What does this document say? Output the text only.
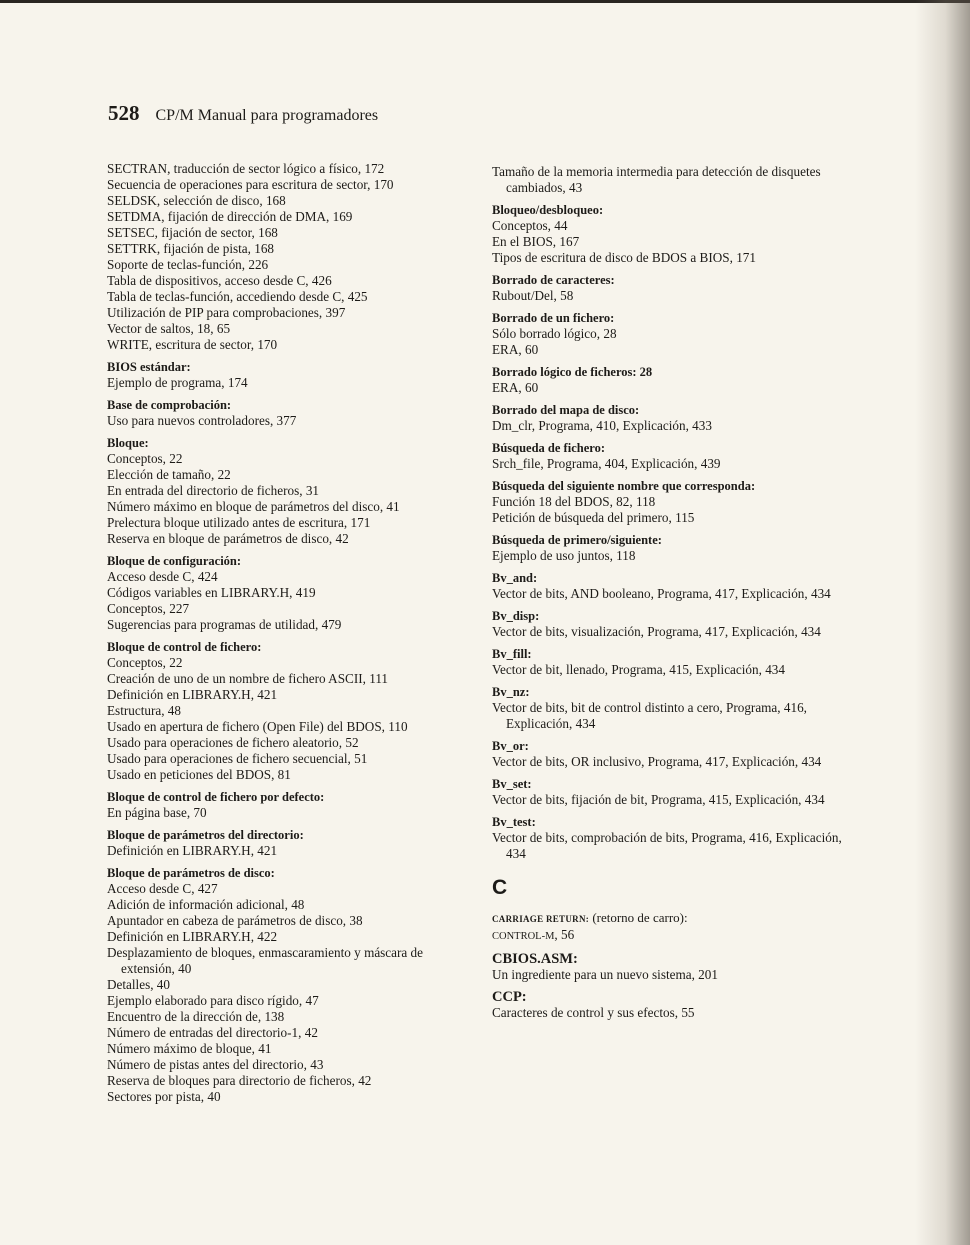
528 CP/M Manual para programadores
SECTRAN, traducción de sector lógico a físico, 172
Secuencia de operaciones para escritura de sector, 170
SELDSK, selección de disco, 168
SETDMA, fijación de dirección de DMA, 169
SETSEC, fijación de sector, 168
SETTRK, fijación de pista, 168
Soporte de teclas-función, 226
Tabla de dispositivos, acceso desde C, 426
Tabla de teclas-función, accediendo desde C, 425
Utilización de PIP para comprobaciones, 397
Vector de saltos, 18, 65
WRITE, escritura de sector, 170
BIOS estándar:
Ejemplo de programa, 174
Base de comprobación:
Uso para nuevos controladores, 377
Bloque:
Conceptos, 22
Elección de tamaño, 22
En entrada del directorio de ficheros, 31
Número máximo en bloque de parámetros del disco, 41
Prelectura bloque utilizado antes de escritura, 171
Reserva en bloque de parámetros de disco, 42
Bloque de configuración:
Acceso desde C, 424
Códigos variables en LIBRARY.H, 419
Conceptos, 227
Sugerencias para programas de utilidad, 479
Bloque de control de fichero:
Conceptos, 22
Creación de uno de un nombre de fichero ASCII, 111
Definición en LIBRARY.H, 421
Estructura, 48
Usado en apertura de fichero (Open File) del BDOS, 110
Usado para operaciones de fichero aleatorio, 52
Usado para operaciones de fichero secuencial, 51
Usado en peticiones del BDOS, 81
Bloque de control de fichero por defecto:
En página base, 70
Bloque de parámetros del directorio:
Definición en LIBRARY.H, 421
Bloque de parámetros de disco:
Acceso desde C, 427
Adición de información adicional, 48
Apuntador en cabeza de parámetros de disco, 38
Definición en LIBRARY.H, 422
Desplazamiento de bloques, enmascaramiento y máscara de extensión, 40
Detalles, 40
Ejemplo elaborado para disco rígido, 47
Encuentro de la dirección de, 138
Número de entradas del directorio-1, 42
Número máximo de bloque, 41
Número de pistas antes del directorio, 43
Reserva de bloques para directorio de ficheros, 42
Sectores por pista, 40
Tamaño de la memoria intermedia para detección de disquetes cambiados, 43
Bloqueo/desbloqueo:
Conceptos, 44
En el BIOS, 167
Tipos de escritura de disco de BDOS a BIOS, 171
Borrado de caracteres:
Rubout/Del, 58
Borrado de un fichero:
Sólo borrado lógico, 28
ERA, 60
Borrado lógico de ficheros: 28
ERA, 60
Borrado del mapa de disco:
Dm_clr, Programa, 410, Explicación, 433
Búsqueda de fichero:
Srch_file, Programa, 404, Explicación, 439
Búsqueda del siguiente nombre que corresponda:
Función 18 del BDOS, 82, 118
Petición de búsqueda del primero, 115
Búsqueda de primero/siguiente:
Ejemplo de uso juntos, 118
Bv_and:
Vector de bits, AND booleano, Programa, 417, Explicación, 434
Bv_disp:
Vector de bits, visualización, Programa, 417, Explicación, 434
Bv_fill:
Vector de bit, llenado, Programa, 415, Explicación, 434
Bv_nz:
Vector de bits, bit de control distinto a cero, Programa, 416, Explicación, 434
Bv_or:
Vector de bits, OR inclusivo, Programa, 417, Explicación, 434
Bv_set:
Vector de bits, fijación de bit, Programa, 415, Explicación, 434
Bv_test:
Vector de bits, comprobación de bits, Programa, 416, Explicación, 434
C
CARRIAGE RETURN: (retorno de carro):
CONTROL-M, 56
CBIOS.ASM:
Un ingrediente para un nuevo sistema, 201
CCP:
Caracteres de control y sus efectos, 55
